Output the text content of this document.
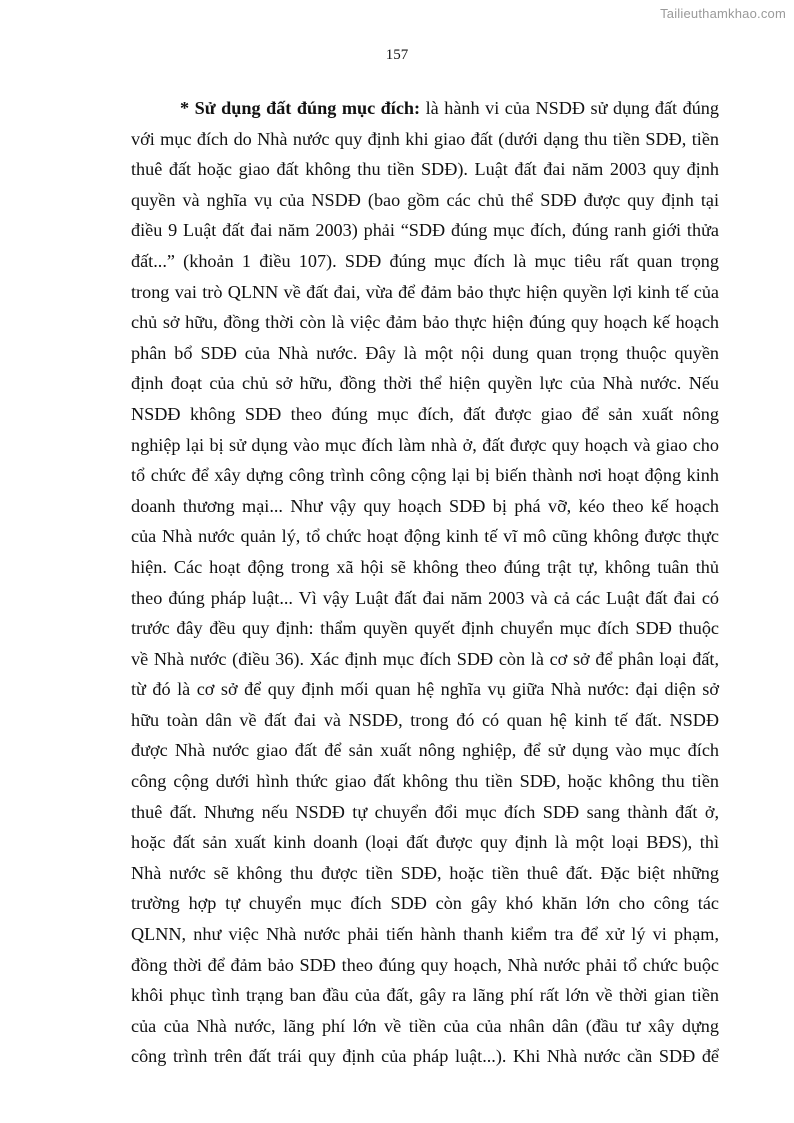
Tailieuthamkhao.com
157
* Sử dụng đất đúng mục đích: là hành vi của NSDĐ sử dụng đất đúng
với mục đích do Nhà nước quy định khi giao đất (dưới dạng thu tiền SDĐ, tiền
thuê đất hoặc giao đất không thu tiền SDĐ). Luật đất đai năm 2003 quy định
quyền và nghĩa vụ của NSDĐ (bao gồm các chủ thể SDĐ được quy định tại
điều 9 Luật đất đai năm 2003) phải “SDĐ đúng mục đích, đúng ranh giới thửa
đất...” (khoản 1 điều 107). SDĐ đúng mục đích là mục tiêu rất quan trọng
trong vai trò QLNN về đất đai, vừa để đảm bảo thực hiện quyền lợi kinh tế của
chủ sở hữu, đồng thời còn là việc đảm bảo thực hiện đúng quy hoạch kế hoạch
phân bổ SDĐ của Nhà nước. Đây là một nội dung quan trọng thuộc quyền
định đoạt của chủ sở hữu, đồng thời thể hiện quyền lực của Nhà nước. Nếu
NSDĐ không SDĐ theo đúng mục đích, đất được giao để sản xuất nông
nghiệp lại bị sử dụng vào mục đích làm nhà ở, đất được quy hoạch và giao cho
tổ chức để xây dựng công trình công cộng lại bị biến thành nơi hoạt động kinh
doanh thương mại... Như vậy quy hoạch SDĐ bị phá vỡ, kéo theo kế hoạch
của Nhà nước quản lý, tổ chức hoạt động kinh tế vĩ mô cũng không được thực
hiện. Các hoạt động trong xã hội sẽ không theo đúng trật tự, không tuân thủ
theo đúng pháp luật... Vì vậy Luật đất đai năm 2003 và cả các Luật đất đai có
trước đây đều quy định: thẩm quyền quyết định chuyển mục đích SDĐ thuộc
về Nhà nước (điều 36). Xác định mục đích SDĐ còn là cơ sở để phân loại đất,
từ đó là cơ sở để quy định mối quan hệ nghĩa vụ giữa Nhà nước: đại diện sở
hữu toàn dân về đất đai và NSDĐ, trong đó có quan hệ kinh tế đất. NSDĐ
được Nhà nước giao đất để sản xuất nông nghiệp, để sử dụng vào mục đích
công cộng dưới hình thức giao đất không thu tiền SDĐ, hoặc không thu tiền
thuê đất. Nhưng nếu NSDĐ tự chuyển đổi mục đích SDĐ sang thành đất ở,
hoặc đất sản xuất kinh doanh (loại đất được quy định là một loại BĐS), thì
Nhà nước sẽ không thu được tiền SDĐ, hoặc tiền thuê đất. Đặc biệt những
trường hợp tự chuyển mục đích SDĐ còn gây khó khăn lớn cho công tác
QLNN, như việc Nhà nước phải tiến hành thanh kiểm tra để xử lý vi phạm,
đồng thời để đảm bảo SDĐ theo đúng quy hoạch, Nhà nước phải tổ chức buộc
khôi phục tình trạng ban đầu của đất, gây ra lãng phí rất lớn về thời gian tiền
của của Nhà nước, lãng phí lớn về tiền của của nhân dân (đầu tư xây dựng
công trình trên đất trái quy định của pháp luật...). Khi Nhà nước cần SDĐ để
